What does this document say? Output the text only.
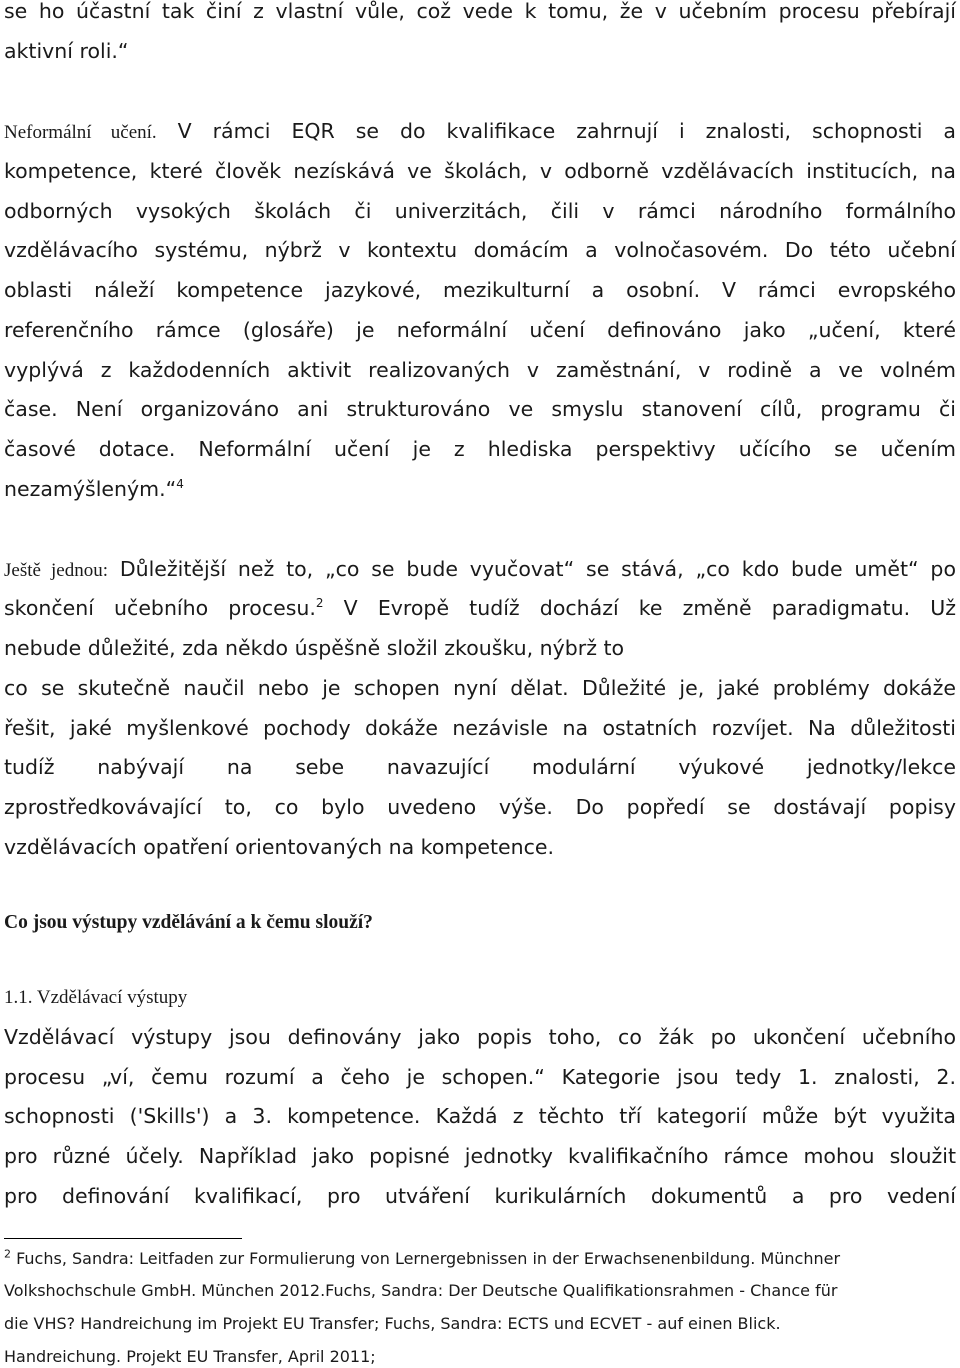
se ho účastní tak činí z vlastní vůle, což vede k tomu, že v učebním procesu přebírají
aktivní roli.“
Neformální učení. V rámci EQR se do kvalifikace zahrnují i znalosti, schopnosti a
kompetence, které člověk nezískává ve školách, v odborně vzdělávacích institucích, na
odborných vysokých školách či univerzitách, čili v rámci národního formálního
vzdělávacího systému, nýbrž v kontextu domácím a volnočasovém. Do této učební
oblasti náleží kompetence jazykové, mezikulturní a osobní. V rámci evropského
referenčního rámce (glosáře) je neformální učení definováno jako „učení, které
vyplývá z každodenních aktivit realizovaných v zaměstnání, v rodině a ve volném
čase. Není organizováno ani strukturováno ve smyslu stanovení cílů, programu či
časové dotace. Neformální učení je z hlediska perspektivy učícího se učením
nezamýšleným.“$^4$
Ještě jednou: Důležitější než to, „co se bude vyučovat“ se stává, „co kdo bude umět“ po
skončení učebního procesu.$^2$ V Evropě tudíž dochází ke změně paradigmatu. Už
nebude důležité, zda někdo úspěšně složil zkoušku, nýbrž to
co se skutečně naučil nebo je schopen nyní dělat. Důležité je, jaké problémy dokáže
řešit, jaké myšlenkové pochody dokáže nezávisle na ostatních rozvíjet. Na důležitosti
tudíž nabývají na sebe navazující modulární výukové jednotky/lekce
zprostředkovávající to, co bylo uvedeno výše. Do popředí se dostávají popisy
vzdělávacích opatření orientovaných na kompetence.
Co jsou výstupy vzdělávání a k čemu slouží?
1.1. Vzdělávací výstupy
Vzdělávací výstupy jsou definovány jako popis toho, co žák po ukončení učebního
procesu „ví, čemu rozumí a čeho je schopen.“ Kategorie jsou tedy 1. znalosti, 2.
schopnosti ('Skills') a 3. kompetence. Každá z těchto tří kategorií může být využita
pro různé účely. Například jako popisné jednotky kvalifikačního rámce mohou sloužit
pro definování kvalifikací, pro utváření kurikulárních dokumentů a pro vedení
$^2$ Fuchs, Sandra: Leitfaden zur Formulierung von Lernergebnissen in der Erwachsenenbildung. Münchner
Volkshochschule GmbH. München 2012.Fuchs, Sandra: Der Deutsche Qualifikationsrahmen - Chance für
die VHS? Handreichung im Projekt EU Transfer; Fuchs, Sandra: ECTS und ECVET - auf einen Blick.
Handreichung. Projekt EU Transfer, April 2011;
